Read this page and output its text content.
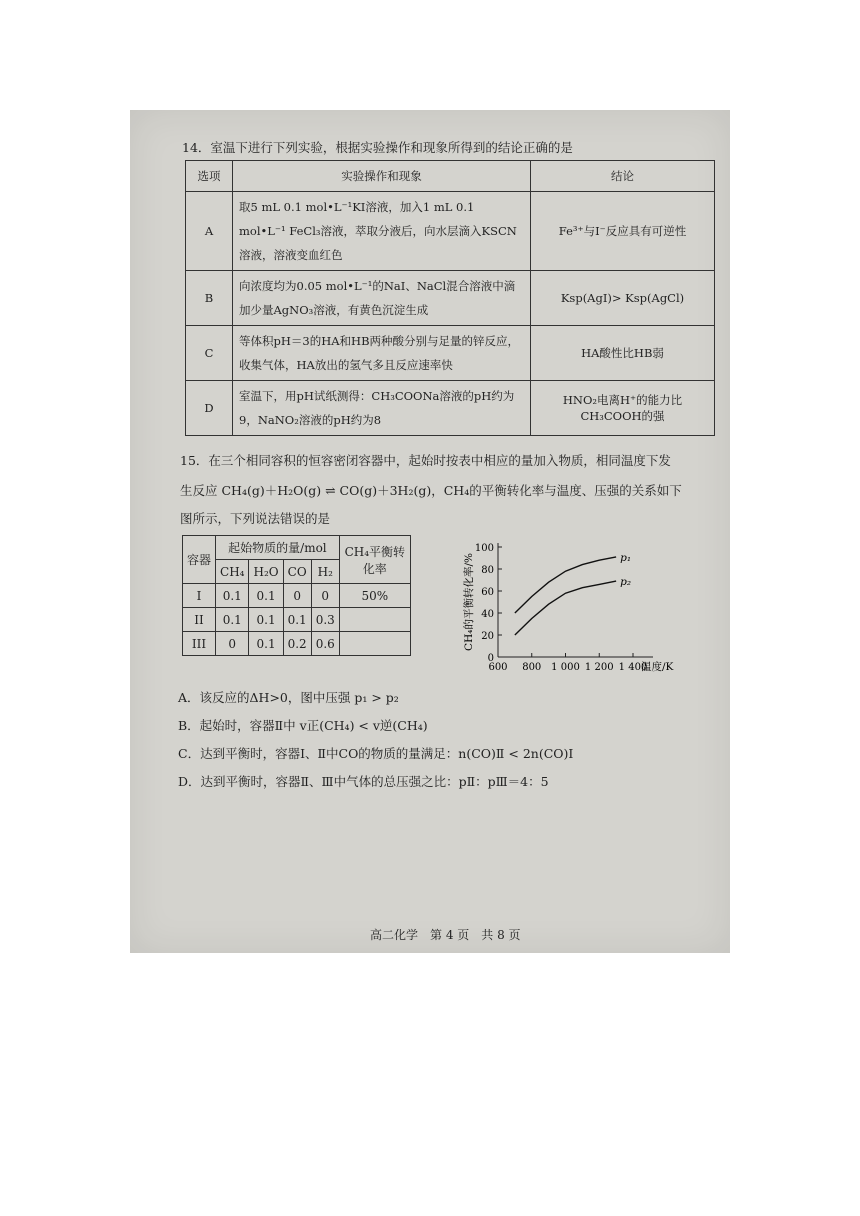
14．室温下进行下列实验，根据实验操作和现象所得到的结论正确的是
选项	实验操作和现象	结论
A	取5 mL 0.1 mol•L⁻¹KI溶液，加入1 mL 0.1 mol•L⁻¹ FeCl₃溶液，萃取分液后，向水层滴入KSCN溶液，溶液变血红色	Fe³⁺与I⁻反应具有可逆性
B	向浓度均为0.05 mol•L⁻¹的NaI、NaCl混合溶液中滴加少量AgNO₃溶液，有黄色沉淀生成	Ksp(AgI)> Ksp(AgCl)
C	等体积pH＝3的HA和HB两种酸分别与足量的锌反应，收集气体，HA放出的氢气多且反应速率快	HA酸性比HB弱
D	室温下，用pH试纸测得：CH₃COONa溶液的pH约为9，NaNO₂溶液的pH约为8	HNO₂电离H⁺的能力比CH₃COOH的强
15．在三个相同容积的恒容密闭容器中，起始时按表中相应的量加入物质，相同温度下发
生反应 CH₄(g)＋H₂O(g) ⇌ CO(g)＋3H₂(g)，CH₄的平衡转化率与温度、压强的关系如下
图所示，下列说法错误的是
容器	起始物质的量/mol				CH₄平衡转化率
	CH₄	H₂O	CO	H₂	
I	0.1	0.1	0	0	50%
II	0.1	0.1	0.1	0.3	
III	0	0.1	0.2	0.6	
0
20
40
60
80
100
600 800 1 000 1 200 1 400
温度/K
CH₄的平衡转化率/%	p₁
p₂
A．该反应的ΔH>0，图中压强 p₁ > p₂
B．起始时，容器Ⅱ中 v正(CH₄) < v逆(CH₄)
C．达到平衡时，容器Ⅰ、Ⅱ中CO的物质的量满足：n(CO)Ⅱ < 2n(CO)Ⅰ
D．达到平衡时，容器Ⅱ、Ⅲ中气体的总压强之比：pⅡ：pⅢ＝4：5
高二化学　第 4 页　共 8 页
